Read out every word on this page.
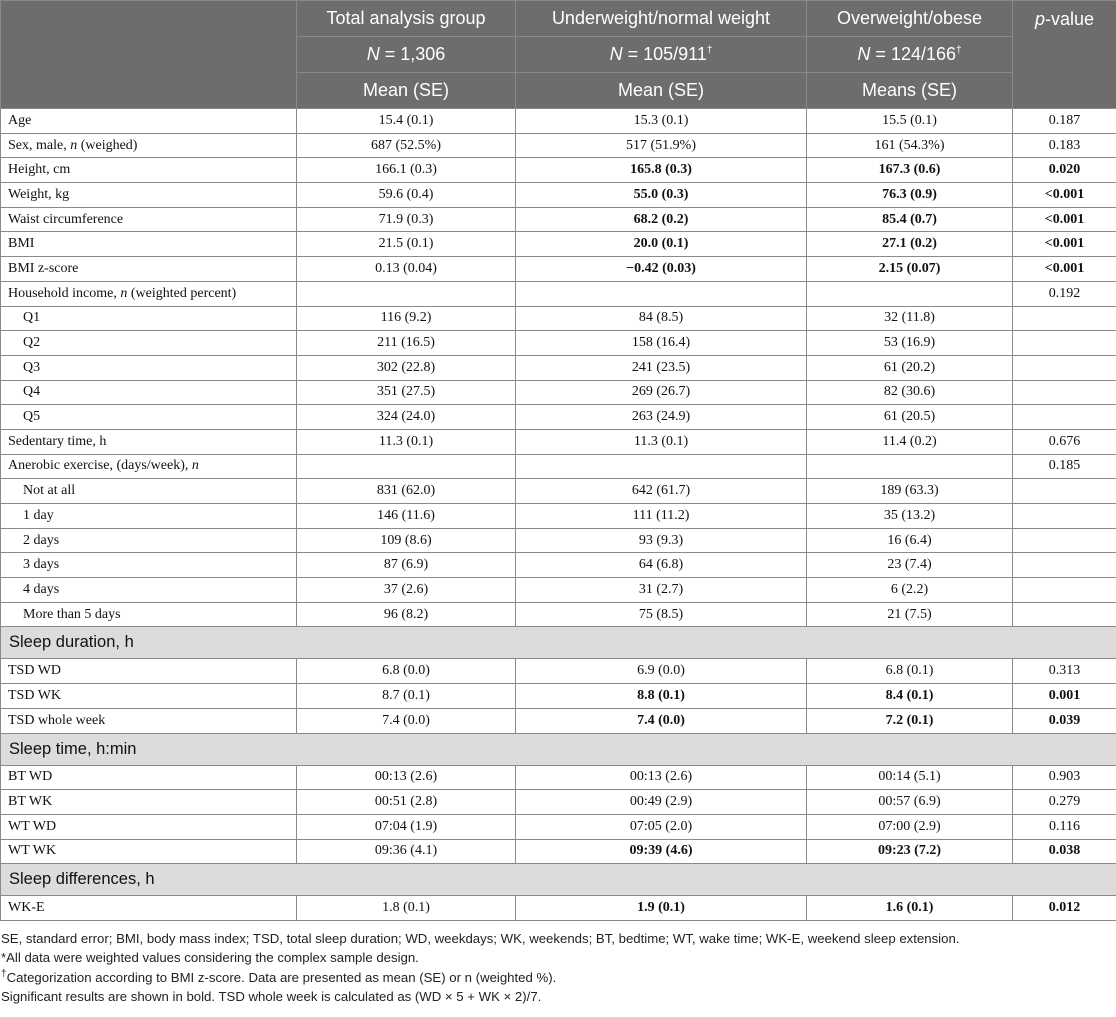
	Total analysis group	Underweight/normal weight	Overweight/obese	p-value
	N = 1,306	N = 105/911†	N = 124/166†
	Mean (SE)	Mean (SE)	Means (SE)	
Age	15.4 (0.1)	15.3 (0.1)	15.5 (0.1)	0.187
Sex, male, n (weighed)	687 (52.5%)	517 (51.9%)	161 (54.3%)	0.183
Height, cm	166.1 (0.3)	165.8 (0.3)	167.3 (0.6)	0.020
Weight, kg	59.6 (0.4)	55.0 (0.3)	76.3 (0.9)	<0.001
Waist circumference	71.9 (0.3)	68.2 (0.2)	85.4 (0.7)	<0.001
BMI	21.5 (0.1)	20.0 (0.1)	27.1 (0.2)	<0.001
BMI z-score	0.13 (0.04)	−0.42 (0.03)	2.15 (0.07)	<0.001
Household income, n (weighted percent)				0.192
Q1	116 (9.2)	84 (8.5)	32 (11.8)	
Q2	211 (16.5)	158 (16.4)	53 (16.9)	
Q3	302 (22.8)	241 (23.5)	61 (20.2)	
Q4	351 (27.5)	269 (26.7)	82 (30.6)	
Q5	324 (24.0)	263 (24.9)	61 (20.5)	
Sedentary time, h	11.3 (0.1)	11.3 (0.1)	11.4 (0.2)	0.676
Anerobic exercise, (days/week), n				0.185
Not at all	831 (62.0)	642 (61.7)	189 (63.3)	
1 day	146 (11.6)	111 (11.2)	35 (13.2)	
2 days	109 (8.6)	93 (9.3)	16 (6.4)	
3 days	87 (6.9)	64 (6.8)	23 (7.4)	
4 days	37 (2.6)	31 (2.7)	6 (2.2)	
More than 5 days	96 (8.2)	75 (8.5)	21 (7.5)	
Sleep duration, h				
TSD WD	6.8 (0.0)	6.9 (0.0)	6.8 (0.1)	0.313
TSD WK	8.7 (0.1)	8.8 (0.1)	8.4 (0.1)	0.001
TSD whole week	7.4 (0.0)	7.4 (0.0)	7.2 (0.1)	0.039
Sleep time, h:min				
BT WD	00:13 (2.6)	00:13 (2.6)	00:14 (5.1)	0.903
BT WK	00:51 (2.8)	00:49 (2.9)	00:57 (6.9)	0.279
WT WD	07:04 (1.9)	07:05 (2.0)	07:00 (2.9)	0.116
WT WK	09:36 (4.1)	09:39 (4.6)	09:23 (7.2)	0.038
Sleep differences, h				
WK-E	1.8 (0.1)	1.9 (0.1)	1.6 (0.1)	0.012
SE, standard error; BMI, body mass index; TSD, total sleep duration; WD, weekdays; WK, weekends; BT, bedtime; WT, wake time; WK-E, weekend sleep extension.
*All data were weighted values considering the complex sample design.
†Categorization according to BMI z-score. Data are presented as mean (SE) or n (weighted %).
Significant results are shown in bold. TSD whole week is calculated as (WD × 5 + WK × 2)/7.
